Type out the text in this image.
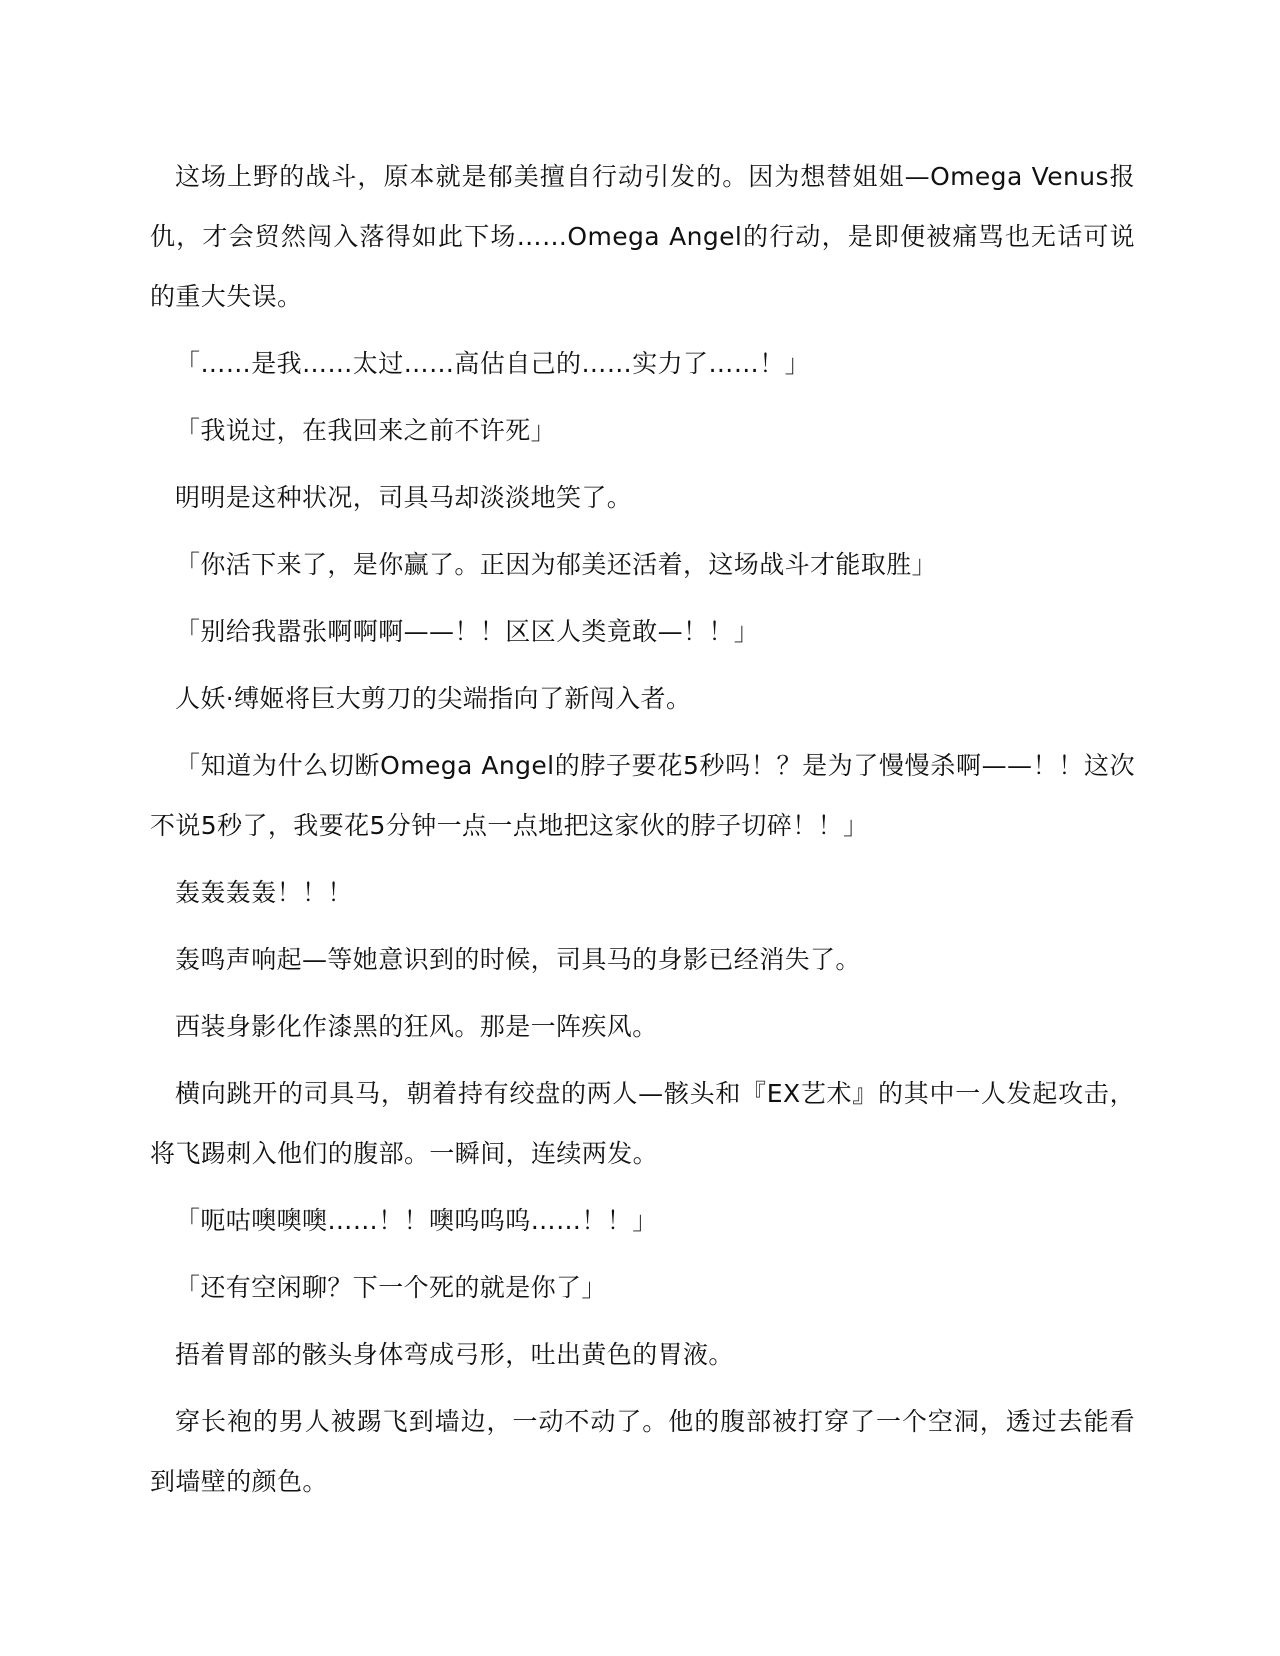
这场上野的战斗，原本就是郁美擅自行动引发的。因为想替姐姐—Omega Venus报仇，才会贸然闯入落得如此下场……Omega Angel的行动，是即便被痛骂也无话可说的重大失误。

「……是我……太过……高估自己的……实力了……！」

「我说过，在我回来之前不许死」

明明是这种状况，司具马却淡淡地笑了。

「你活下来了，是你赢了。正因为郁美还活着，这场战斗才能取胜」

「别给我嚣张啊啊啊——！！区区人类竟敢—！！」

人妖·缚姬将巨大剪刀的尖端指向了新闯入者。

「知道为什么切断Omega Angel的脖子要花5秒吗！？是为了慢慢杀啊——！！这次不说5秒了，我要花5分钟一点一点地把这家伙的脖子切碎！！」

轰轰轰轰！！！

轰鸣声响起—等她意识到的时候，司具马的身影已经消失了。

西装身影化作漆黑的狂风。那是一阵疾风。

横向跳开的司具马，朝着持有绞盘的两人—骸头和『EX艺术』的其中一人发起攻击，将飞踢刺入他们的腹部。一瞬间，连续两发。

「呃咕噢噢噢……！！噢呜呜呜……！！」

「还有空闲聊？下一个死的就是你了」

捂着胃部的骸头身体弯成弓形，吐出黄色的胃液。

穿长袍的男人被踢飞到墙边，一动不动了。他的腹部被打穿了一个空洞，透过去能看到墙壁的颜色。
